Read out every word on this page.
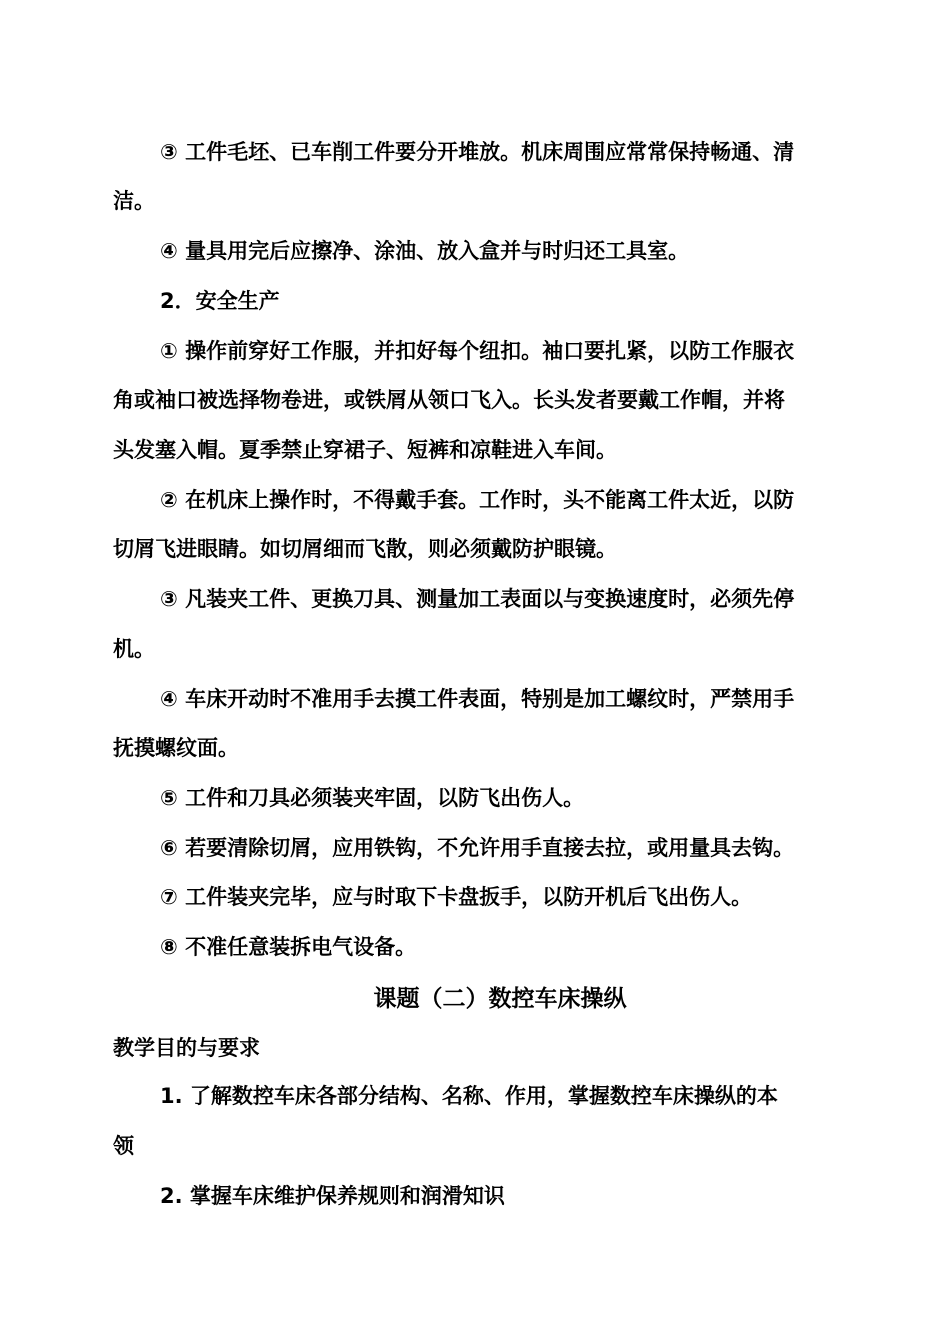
③ 工件毛坯、已车削工件要分开堆放。机床周围应常常保持畅通、清
洁。
④ 量具用完后应擦净、涂油、放入盒并与时归还工具室。
2．安全生产
① 操作前穿好工作服，并扣好每个纽扣。袖口要扎紧，以防工作服衣
角或袖口被选择物卷进，或铁屑从领口飞入。长头发者要戴工作帽，并将
头发塞入帽。夏季禁止穿裙子、短裤和凉鞋进入车间。
② 在机床上操作时，不得戴手套。工作时，头不能离工件太近，以防
切屑飞进眼睛。如切屑细而飞散，则必须戴防护眼镜。
③ 凡装夹工件、更换刀具、测量加工表面以与变换速度时，必须先停
机。
④ 车床开动时不准用手去摸工件表面，特别是加工螺纹时，严禁用手
抚摸螺纹面。
⑤ 工件和刀具必须装夹牢固，以防飞出伤人。
⑥ 若要清除切屑，应用铁钩，不允许用手直接去拉，或用量具去钩。
⑦ 工件装夹完毕，应与时取下卡盘扳手，以防开机后飞出伤人。
⑧ 不准任意装拆电气设备。
课题（二）数控车床操纵
教学目的与要求
1. 了解数控车床各部分结构、名称、作用，掌握数控车床操纵的本
领
2. 掌握车床维护保养规则和润滑知识
